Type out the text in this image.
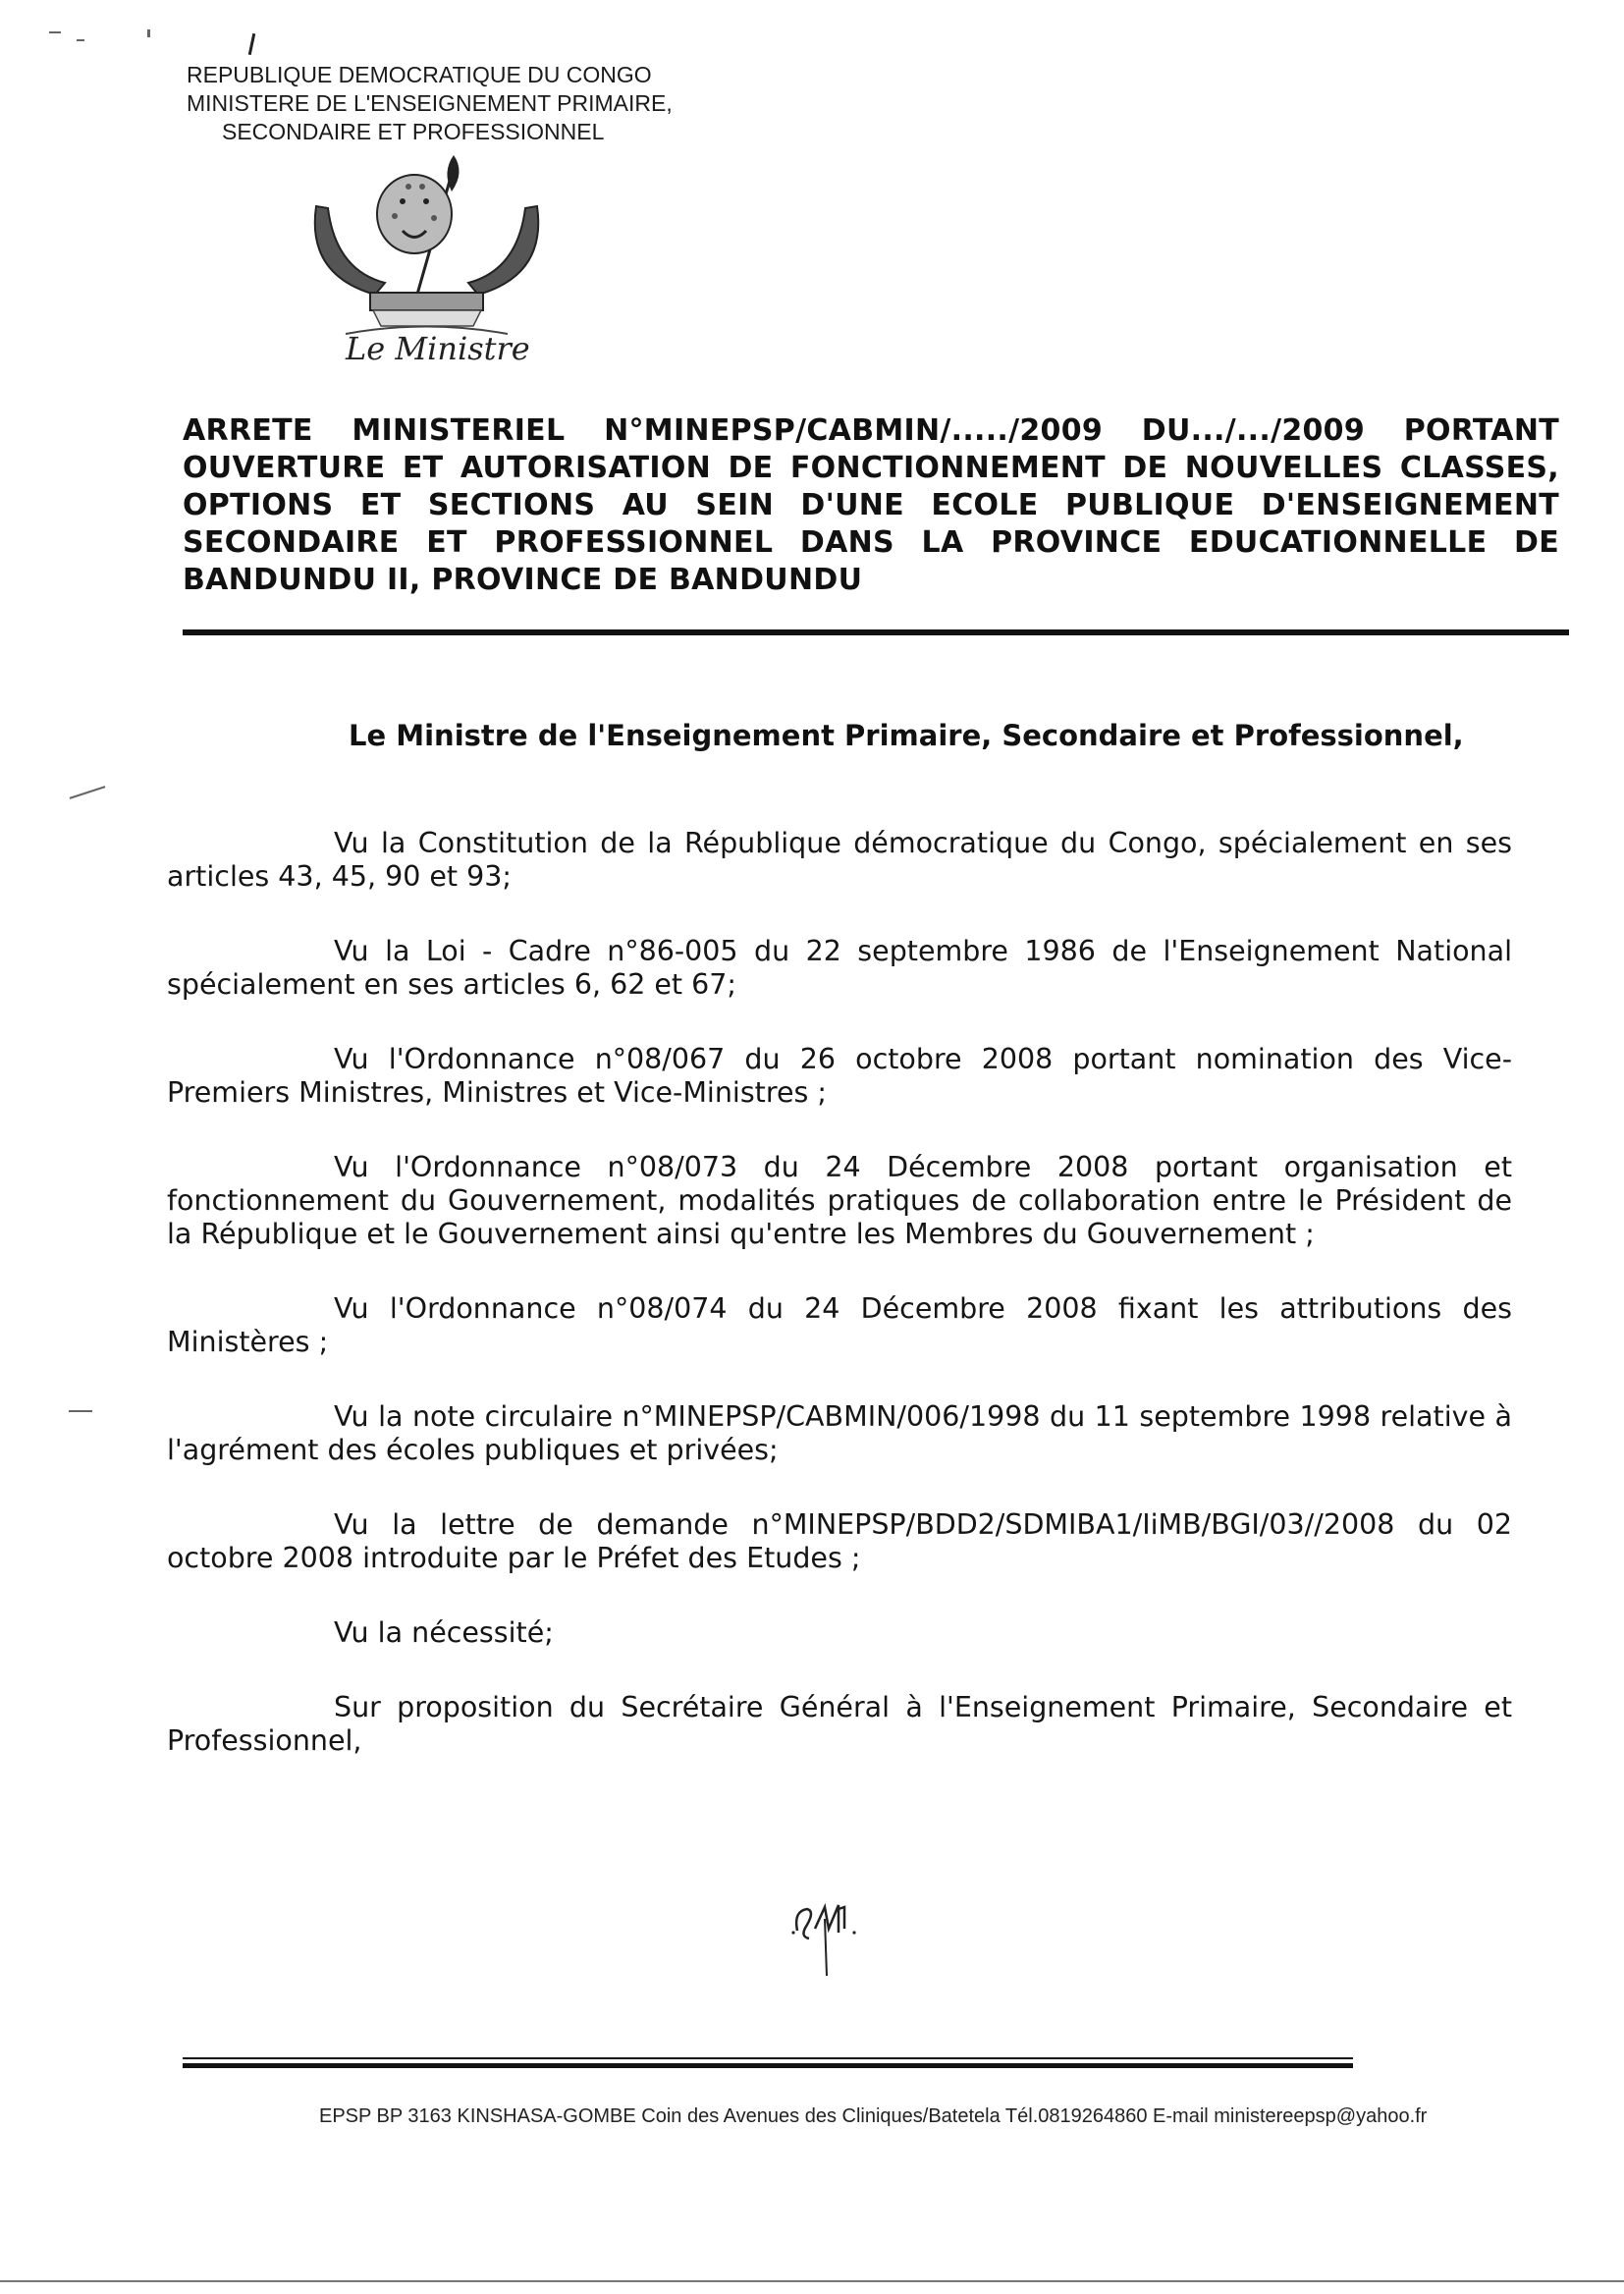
REPUBLIQUE DEMOCRATIQUE DU CONGO
MINISTERE DE L'ENSEIGNEMENT PRIMAIRE,
SECONDAIRE ET PROFESSIONNEL
Le Ministre
ARRETE MINISTERIEL N°MINEPSP/CABMIN/...../2009 DU.../.../2009 PORTANT OUVERTURE ET AUTORISATION DE FONCTIONNEMENT DE NOUVELLES CLASSES, OPTIONS ET SECTIONS AU SEIN D'UNE ECOLE PUBLIQUE D'ENSEIGNEMENT SECONDAIRE ET PROFESSIONNEL DANS LA PROVINCE EDUCATIONNELLE DE BANDUNDU II, PROVINCE DE BANDUNDU
Le Ministre de l'Enseignement Primaire, Secondaire et Professionnel,

Vu la Constitution de la République démocratique du Congo, spécialement en ses articles 43, 45, 90 et 93;

Vu la Loi - Cadre n°86-005 du 22 septembre 1986 de l'Enseignement National spécialement en ses articles 6, 62 et 67;

Vu l'Ordonnance n°08/067 du 26 octobre 2008 portant nomination des Vice-Premiers Ministres, Ministres et Vice-Ministres ;

Vu l'Ordonnance n°08/073 du 24 Décembre 2008 portant organisation et fonctionnement du Gouvernement, modalités pratiques de collaboration entre le Président de la République et le Gouvernement ainsi qu'entre les Membres du Gouvernement ;

Vu l'Ordonnance n°08/074 du 24 Décembre 2008 fixant les attributions des Ministères ;

Vu la note circulaire n°MINEPSP/CABMIN/006/1998 du 11 septembre 1998 relative à l'agrément des écoles publiques et privées;

Vu la lettre de demande n°MINEPSP/BDD2/SDMIBA1/IiMB/BGI/03//2008 du 02 octobre 2008 introduite par le Préfet des Etudes ;

Vu la nécessité;

Sur proposition du Secrétaire Général à l'Enseignement Primaire, Secondaire et Professionnel,

EPSP BP 3163 KINSHASA-GOMBE Coin des Avenues des Cliniques/Batetela Tél.0819264860 E-mail ministereepsp@yahoo.fr
